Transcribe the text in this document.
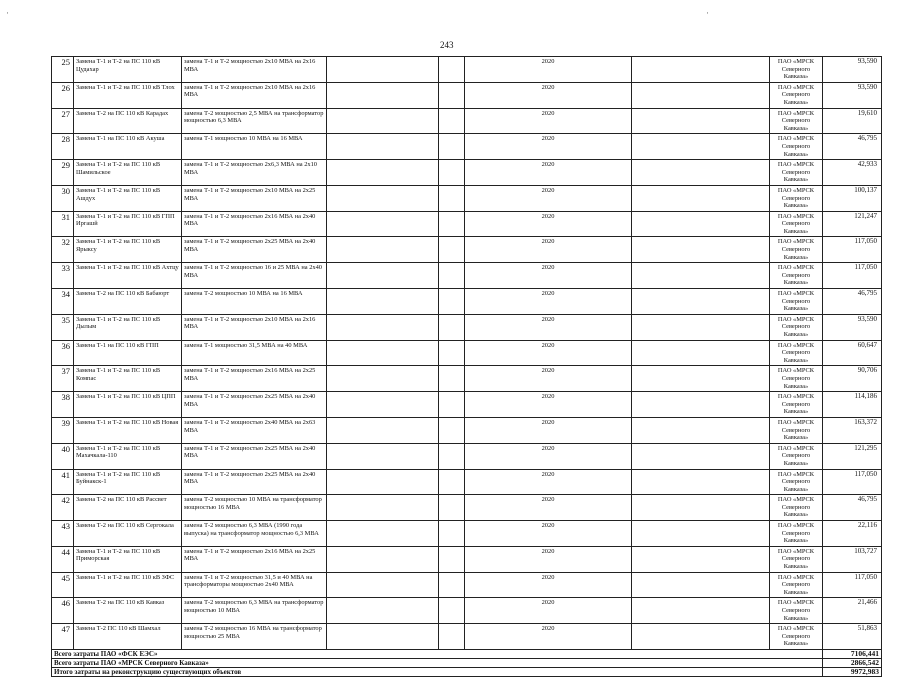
243
·	·
25	Замена Т-1 и Т-2 на ПС 110 кВ Цудахар	замена Т-1 и Т-2 мощностью 2х10 МВА на 2х16 МВА			2020		ПАО «МРСК Северного Кавказа»	93,590
26	Замена Т-1 и Т-2 на ПС 110 кВ Тлох	замена Т-1 и Т-2 мощностью 2х10 МВА на 2х16 МВА			2020		ПАО «МРСК Северного Кавказа»	93,590
27	Замена Т-2 на ПС 110 кВ Карадах	замена Т-2 мощностью 2,5 МВА на трансформатор мощностью 6,3 МВА			2020		ПАО «МРСК Северного Кавказа»	19,610
28	Замена Т-1 на ПС 110 кВ Акуша	замена Т-1 мощностью 10 МВА на 16 МВА			2020		ПАО «МРСК Северного Кавказа»	46,795
29	Замена Т-1 и Т-2 на ПС 110 кВ Шамильское	замена Т-1 и Т-2 мощностью 2х6,3 МВА на 2х10 МВА			2020		ПАО «МРСК Северного Кавказа»	42,933
30	Замена Т-1 и Т-2 на ПС 110 кВ Ашдух	замена Т-1 и Т-2 мощностью 2х10 МВА на 2х25 МВА			2020		ПАО «МРСК Северного Кавказа»	100,137
31	Замена Т-1 и Т-2 на ПС 110 кВ ГПП Иргашй	замена Т-1 и Т-2 мощностью 2х16 МВА на 2х40 МВА			2020		ПАО «МРСК Северного Кавказа»	121,247
32	Замена Т-1 и Т-2 на ПС 110 кВ Ярыксу	замена Т-1 и Т-2 мощностью 2х25 МВА на 2х40 МВА			2020		ПАО «МРСК Северного Кавказа»	117,050
33	Замена Т-1 и Т-2 на ПС 110 кВ Ахтцу	замена Т-1 и Т-2 мощностью 16 и 25 МВА на 2х40 МВА			2020		ПАО «МРСК Северного Кавказа»	117,050
34	Замена Т-2 на ПС 110 кВ Бабаюрт	замена Т-2 мощностью 10 МВА на 16 МВА			2020		ПАО «МРСК Северного Кавказа»	46,795
35	Замена Т-1 и Т-2 на ПС 110 кВ Дылым	замена Т-1 и Т-2 мощностью 2х10 МВА на 2х16 МВА			2020		ПАО «МРСК Северного Кавказа»	93,590
36	Замена Т-1 на ПС 110 кВ ГПП	замена Т-1 мощностью 31,5 МВА на 40 МВА			2020		ПАО «МРСК Северного Кавказа»	60,647
37	Замена Т-1 и Т-2 на ПС 110 кВ Компас	замена Т-1 и Т-2 мощностью 2х16 МВА на 2х25 МВА			2020		ПАО «МРСК Северного Кавказа»	90,706
38	Замена Т-1 и Т-2 на ПС 110 кВ ЦПП	замена Т-1 и Т-2 мощностью 2х25 МВА на 2х40 МВА			2020		ПАО «МРСК Северного Кавказа»	114,186
39	Замена Т-1 и Т-2 на ПС 110 кВ Новая	замена Т-1 и Т-2 мощностью 2х40 МВА на 2х63 МВА			2020		ПАО «МРСК Северного Кавказа»	163,372
40	Замена Т-1 и Т-2 на ПС 110 кВ Махачкала-110	замена Т-1 и Т-2 мощностью 2х25 МВА на 2х40 МВА			2020		ПАО «МРСК Северного Кавказа»	121,295
41	Замена Т-1 и Т-2 на ПС 110 кВ Буйнакск-1	замена Т-1 и Т-2 мощностью 2х25 МВА на 2х40 МВА			2020		ПАО «МРСК Северного Кавказа»	117,050
42	Замена Т-2 на ПС 110 кВ Рассвет	замена Т-2 мощностью 10 МВА на трансформатор мощностью 16 МВА			2020		ПАО «МРСК Северного Кавказа»	46,795
43	Замена Т-2 на ПС 110 кВ Сергокала	замена Т-2 мощностью 6,3 МВА (1990 года выпуска) на трансформатор мощностью 6,3 МВА			2020		ПАО «МРСК Северного Кавказа»	22,116
44	Замена Т-1 и Т-2 на ПС 110 кВ Приморская	замена Т-1 и Т-2 мощностью 2х16 МВА на 2х25 МВА			2020		ПАО «МРСК Северного Кавказа»	103,727
45	Замена Т-1 и Т-2 на ПС 110 кВ ЗФС	замена Т-1 и Т-2 мощностью 31,5 и 40 МВА на трансформаторы мощностью 2х40 МВА			2020		ПАО «МРСК Северного Кавказа»	117,050
46	Замена Т-2 на ПС 110 кВ Кавказ	замена Т-2 мощностью 6,3 МВА на трансформатор мощностью 10 МВА			2020		ПАО «МРСК Северного Кавказа»	21,466
47	Замена Т-2 ПС 110 кВ Шамхал	замена Т-2 мощностью 16 МВА на трансформатор мощностью 25 МВА			2020		ПАО «МРСК Северного Кавказа»	51,863
Всего затраты ПАО «ФСК ЕЭС»								7106,441
Всего затраты ПАО «МРСК Северного Кавказа»								2866,542
Итого затраты на реконструкцию существующих объектов								9972,983
